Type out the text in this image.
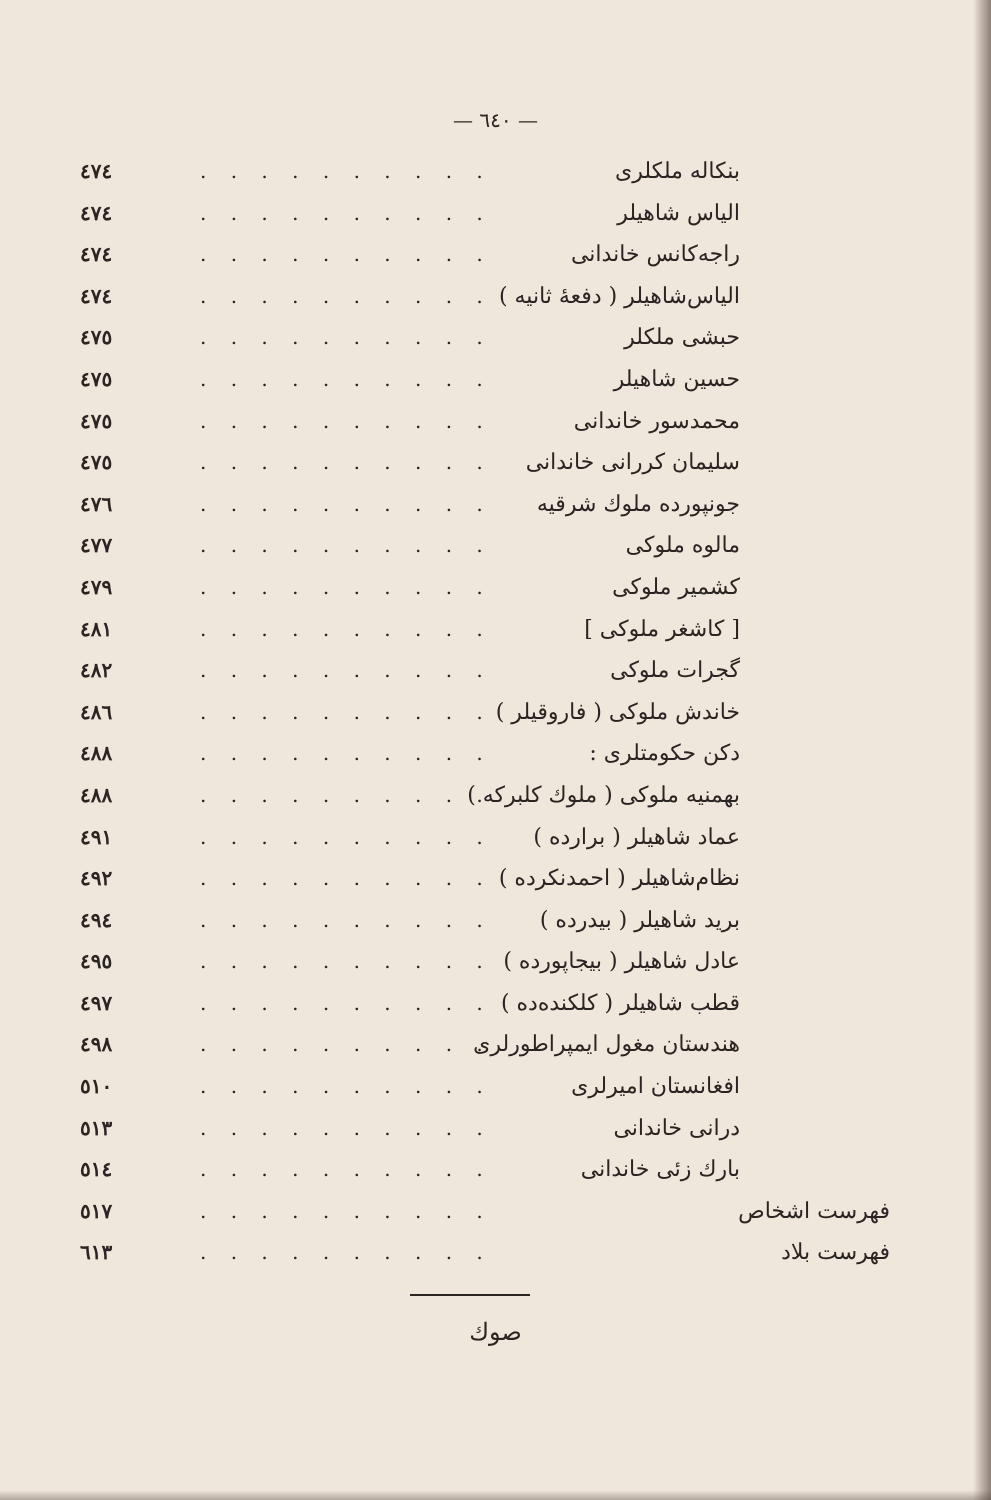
— ٦٤٠ —
بنكاله ملكلرى
. . . . . . . . . .
٤٧٤
الياس شاهيلر
. . . . . . . . . .
٤٧٤
راجه‌كانس خاندانى
. . . . . . . . . .
٤٧٤
الياس‌شاهيلر ( دفعهٔ ثانيه )
. . . . . . . . . .
٤٧٤
حبشى ملكلر
. . . . . . . . . .
٤٧٥
حسين شاهيلر
. . . . . . . . . .
٤٧٥
محمدسور خاندانى
. . . . . . . . . .
٤٧٥
سليمان كررانى خاندانى
. . . . . . . . . .
٤٧٥
جونپورده ملوك شرقيه
. . . . . . . . . .
٤٧٦
مالوه ملوكى
. . . . . . . . . .
٤٧٧
كشمير ملوكى
. . . . . . . . . .
٤٧٩
[ كاشغر ملوكى ]
. . . . . . . . . .
٤٨١
گجرات ملوكى
. . . . . . . . . .
٤٨٢
خاندش ملوكى ( فاروقيلر )
. . . . . . . . . .
٤٨٦
دكن حكومتلرى :
. . . . . . . . . .
٤٨٨
بهمنيه ملوكى ( ملوك كلبركه )
. . . . . . . . . .
٤٨٨
عماد شاهيلر ( برارده )
. . . . . . . . . .
٤٩١
نظام‌شاهيلر ( احمدنكرده )
. . . . . . . . . .
٤٩٢
بريد شاهيلر ( بيدرده )
. . . . . . . . . .
٤٩٤
عادل شاهيلر ( بيجاپورده )
. . . . . . . . . .
٤٩٥
قطب شاهيلر ( كلكنده‌ده )
. . . . . . . . . .
٤٩٧
هندستان مغول ايمپراطورلرى
. . . . . . . . . .
٤٩٨
افغانستان اميرلرى
. . . . . . . . . .
٥١٠
درانى خاندانى
. . . . . . . . . .
٥١٣
بارك زئى خاندانى
. . . . . . . . . .
٥١٤
فهرست اشخاص
. . . . . . . . . .
٥١٧
فهرست بلاد
. . . . . . . . . .
٦١٣
صوك
